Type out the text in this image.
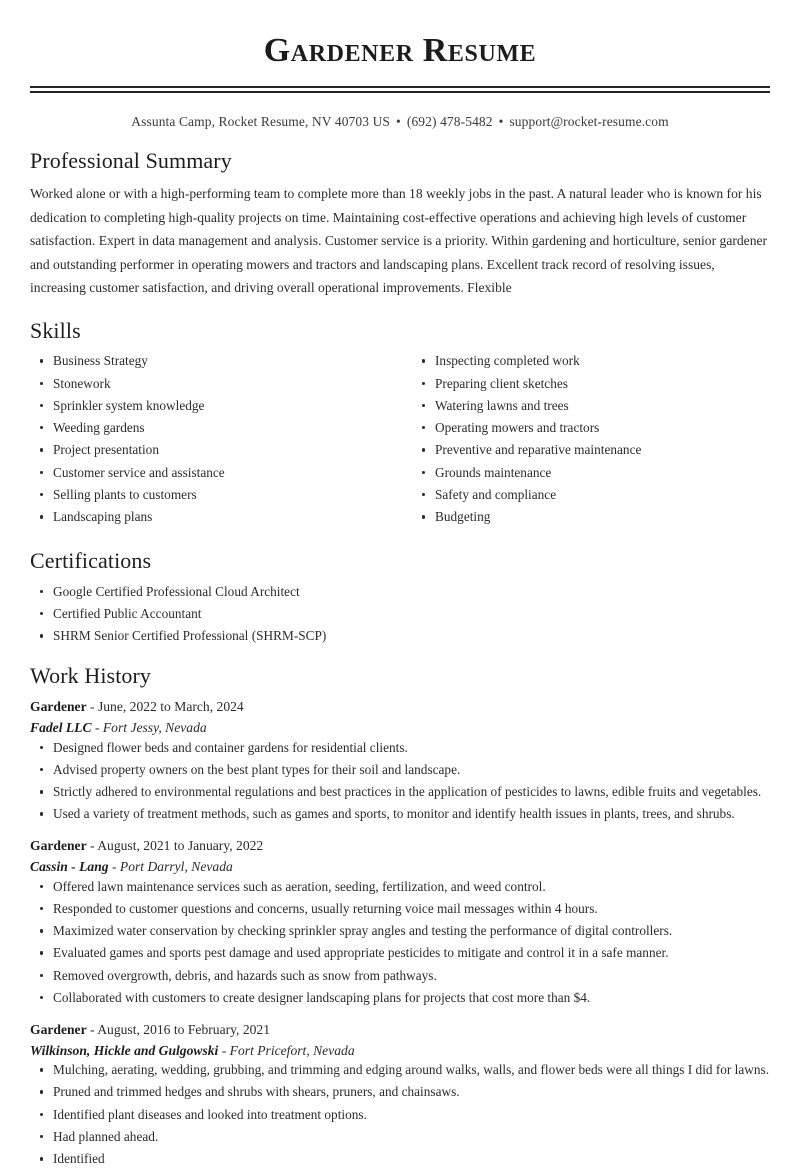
Gardener Resume
Assunta Camp, Rocket Resume, NV 40703 US • (692) 478-5482 • support@rocket-resume.com
Professional Summary

Worked alone or with a high-performing team to complete more than 18 weekly jobs in the past. A natural leader who is known for his dedication to completing high-quality projects on time. Maintaining cost-effective operations and achieving high levels of customer satisfaction. Expert in data management and analysis. Customer service is a priority. Within gardening and horticulture, senior gardener and outstanding performer in operating mowers and tractors and landscaping plans. Excellent track record of resolving issues, increasing customer satisfaction, and driving overall operational improvements. Flexible

Skills
Business Strategy
Stonework
Sprinkler system knowledge
Weeding gardens
Project presentation
Customer service and assistance
Selling plants to customers
Landscaping plans
Inspecting completed work
Preparing client sketches
Watering lawns and trees
Operating mowers and tractors
Preventive and reparative maintenance
Grounds maintenance
Safety and compliance
Budgeting
Certifications
Google Certified Professional Cloud Architect
Certified Public Accountant
SHRM Senior Certified Professional (SHRM-SCP)
Work History
Gardener - June, 2022 to March, 2024
Fadel LLC - Fort Jessy, Nevada
Designed flower beds and container gardens for residential clients.
Advised property owners on the best plant types for their soil and landscape.
Strictly adhered to environmental regulations and best practices in the application of pesticides to lawns, edible fruits and vegetables.
Used a variety of treatment methods, such as games and sports, to monitor and identify health issues in plants, trees, and shrubs.
Gardener - August, 2021 to January, 2022
Cassin - Lang - Port Darryl, Nevada
Offered lawn maintenance services such as aeration, seeding, fertilization, and weed control.
Responded to customer questions and concerns, usually returning voice mail messages within 4 hours.
Maximized water conservation by checking sprinkler spray angles and testing the performance of digital controllers.
Evaluated games and sports pest damage and used appropriate pesticides to mitigate and control it in a safe manner.
Removed overgrowth, debris, and hazards such as snow from pathways.
Collaborated with customers to create designer landscaping plans for projects that cost more than $4.
Gardener - August, 2016 to February, 2021
Wilkinson, Hickle and Gulgowski - Fort Pricefort, Nevada
Mulching, aerating, wedding, grubbing, and trimming and edging around walks, walls, and flower beds were all things I did for lawns.
Pruned and trimmed hedges and shrubs with shears, pruners, and chainsaws.
Identified plant diseases and looked into treatment options.
Had planned ahead.
Identified
